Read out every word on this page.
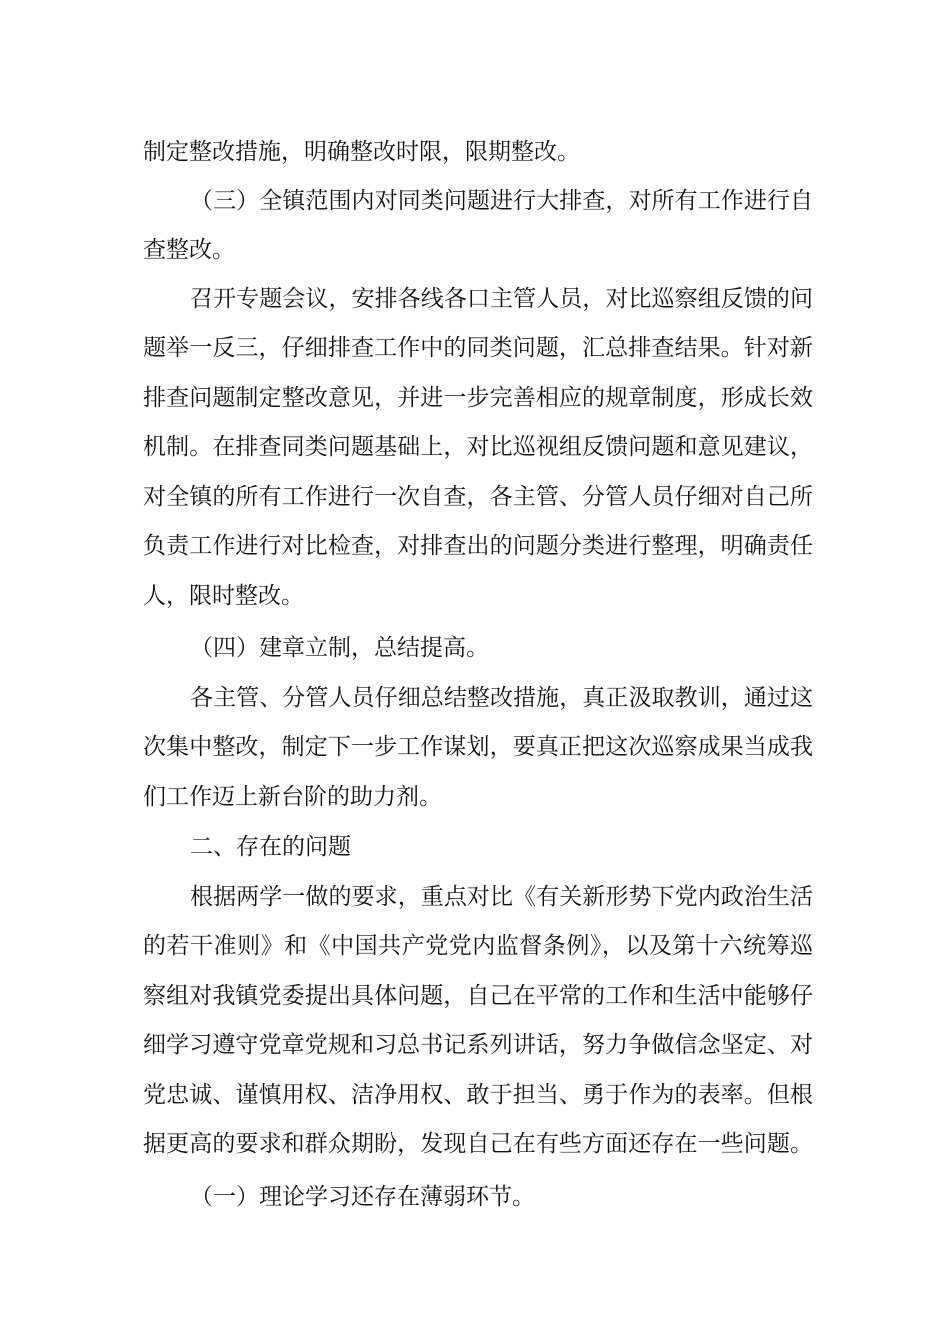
制定整改措施，明确整改时限，限期整改。
（三）全镇范围内对同类问题进行大排查，对所有工作进行自
查整改。
召开专题会议，安排各线各口主管人员，对比巡察组反馈的问
题举一反三，仔细排查工作中的同类问题，汇总排查结果。针对新
排查问题制定整改意见，并进一步完善相应的规章制度，形成长效
机制。在排查同类问题基础上，对比巡视组反馈问题和意见建议，
对全镇的所有工作进行一次自查，各主管、分管人员仔细对自己所
负责工作进行对比检查，对排查出的问题分类进行整理，明确责任
人，限时整改。
（四）建章立制，总结提高。
各主管、分管人员仔细总结整改措施，真正汲取教训，通过这
次集中整改，制定下一步工作谋划，要真正把这次巡察成果当成我
们工作迈上新台阶的助力剂。
二、存在的问题
根据两学一做的要求，重点对比《有关新形势下党内政治生活
的若干准则》和《中国共产党党内监督条例》，以及第十六统筹巡
察组对我镇党委提出具体问题，自己在平常的工作和生活中能够仔
细学习遵守党章党规和习总书记系列讲话，努力争做信念坚定、对
党忠诚、谨慎用权、洁净用权、敢于担当、勇于作为的表率。但根
据更高的要求和群众期盼，发现自己在有些方面还存在一些问题。
（一）理论学习还存在薄弱环节。
